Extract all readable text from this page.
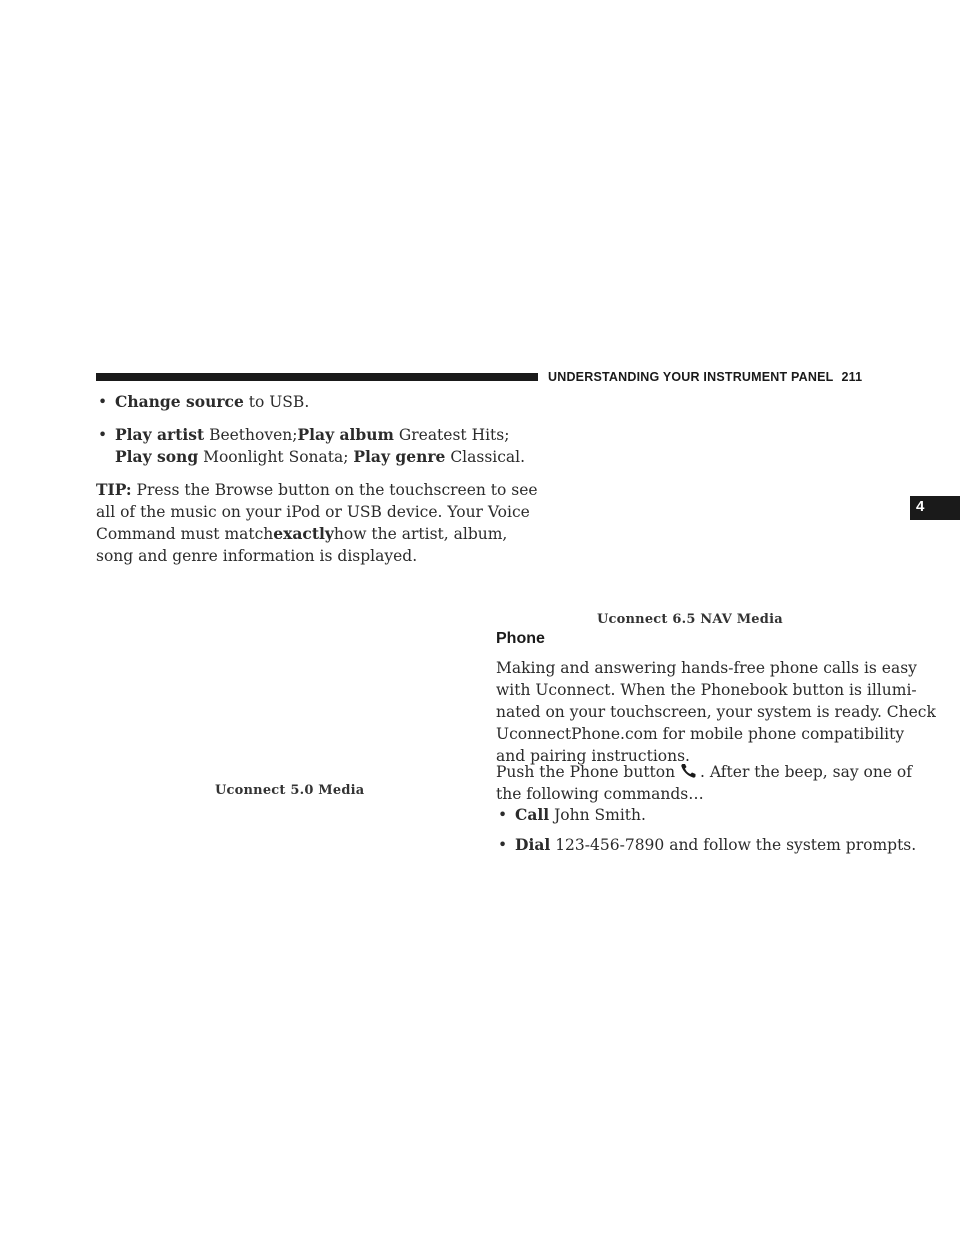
UNDERSTANDING YOUR INSTRUMENT PANEL 211
4
• Change source to USB.
• Play artist Beethoven; Play album Greatest Hits;
Play song Moonlight Sonata; Play genre Classical.
TIP: Press the Browse button on the touchscreen to see
all of the music on your iPod or USB device. Your Voice
Command must match exactly how the artist, album,
song and genre information is displayed.
Uconnect 5.0 Media
Uconnect 6.5 NAV Media
Phone
Making and answering hands-free phone calls is easy
with Uconnect. When the Phonebook button is illumi-
nated on your touchscreen, your system is ready. Check
UconnectPhone.com for mobile phone compatibility
and pairing instructions.
Push the Phone button . After the beep, say one of
the following commands…
• Call John Smith.
• Dial 123-456-7890 and follow the system prompts.
